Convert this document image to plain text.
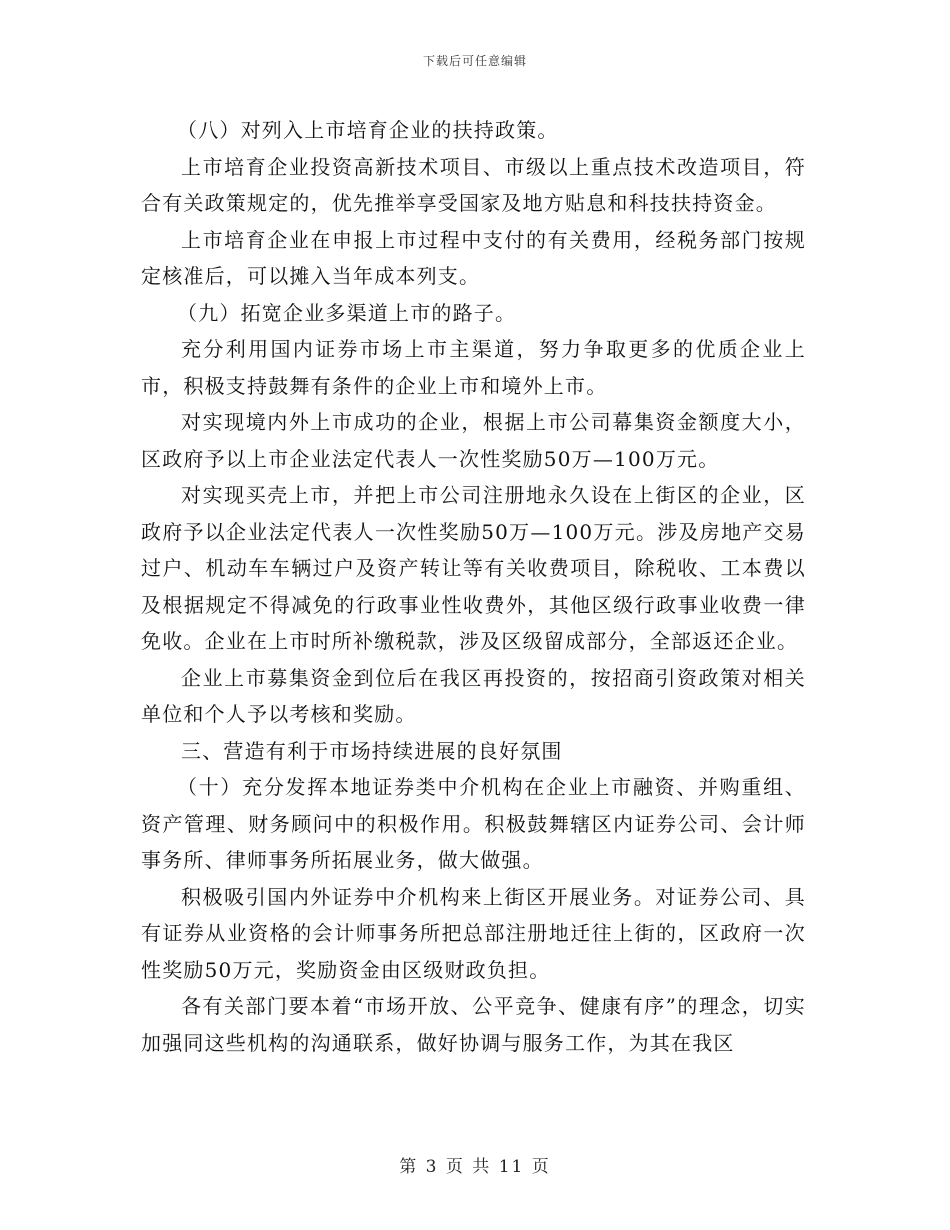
下载后可任意编辑

（八）对列入上市培育企业的扶持政策。

上市培育企业投资高新技术项目、市级以上重点技术改造项目，符合有关政策规定的，优先推举享受国家及地方贴息和科技扶持资金。

上市培育企业在申报上市过程中支付的有关费用，经税务部门按规定核准后，可以摊入当年成本列支。

（九）拓宽企业多渠道上市的路子。

充分利用国内证券市场上市主渠道，努力争取更多的优质企业上市，积极支持鼓舞有条件的企业上市和境外上市。

对实现境内外上市成功的企业，根据上市公司幕集资金额度大小，区政府予以上市企业法定代表人一次性奖励50万—100万元。

对实现买壳上市，并把上市公司注册地永久设在上街区的企业，区政府予以企业法定代表人一次性奖励50万—100万元。涉及房地产交易过户、机动车车辆过户及资产转让等有关收费项目，除税收、工本费以及根据规定不得减免的行政事业性收费外，其他区级行政事业收费一律免收。企业在上市时所补缴税款，涉及区级留成部分，全部返还企业。

企业上市募集资金到位后在我区再投资的，按招商引资政策对相关单位和个人予以考核和奖励。

三、营造有利于市场持续进展的良好氛围

（十）充分发挥本地证券类中介机构在企业上市融资、并购重组、资产管理、财务顾问中的积极作用。积极鼓舞辖区内证券公司、会计师事务所、律师事务所拓展业务，做大做强。

积极吸引国内外证券中介机构来上街区开展业务。对证券公司、具有证券从业资格的会计师事务所把总部注册地迁往上街的，区政府一次性奖励50万元，奖励资金由区级财政负担。

各有关部门要本着“市场开放、公平竞争、健康有序”的理念，切实加强同这些机构的沟通联系，做好协调与服务工作，为其在我区

第 3 页 共 11 页
